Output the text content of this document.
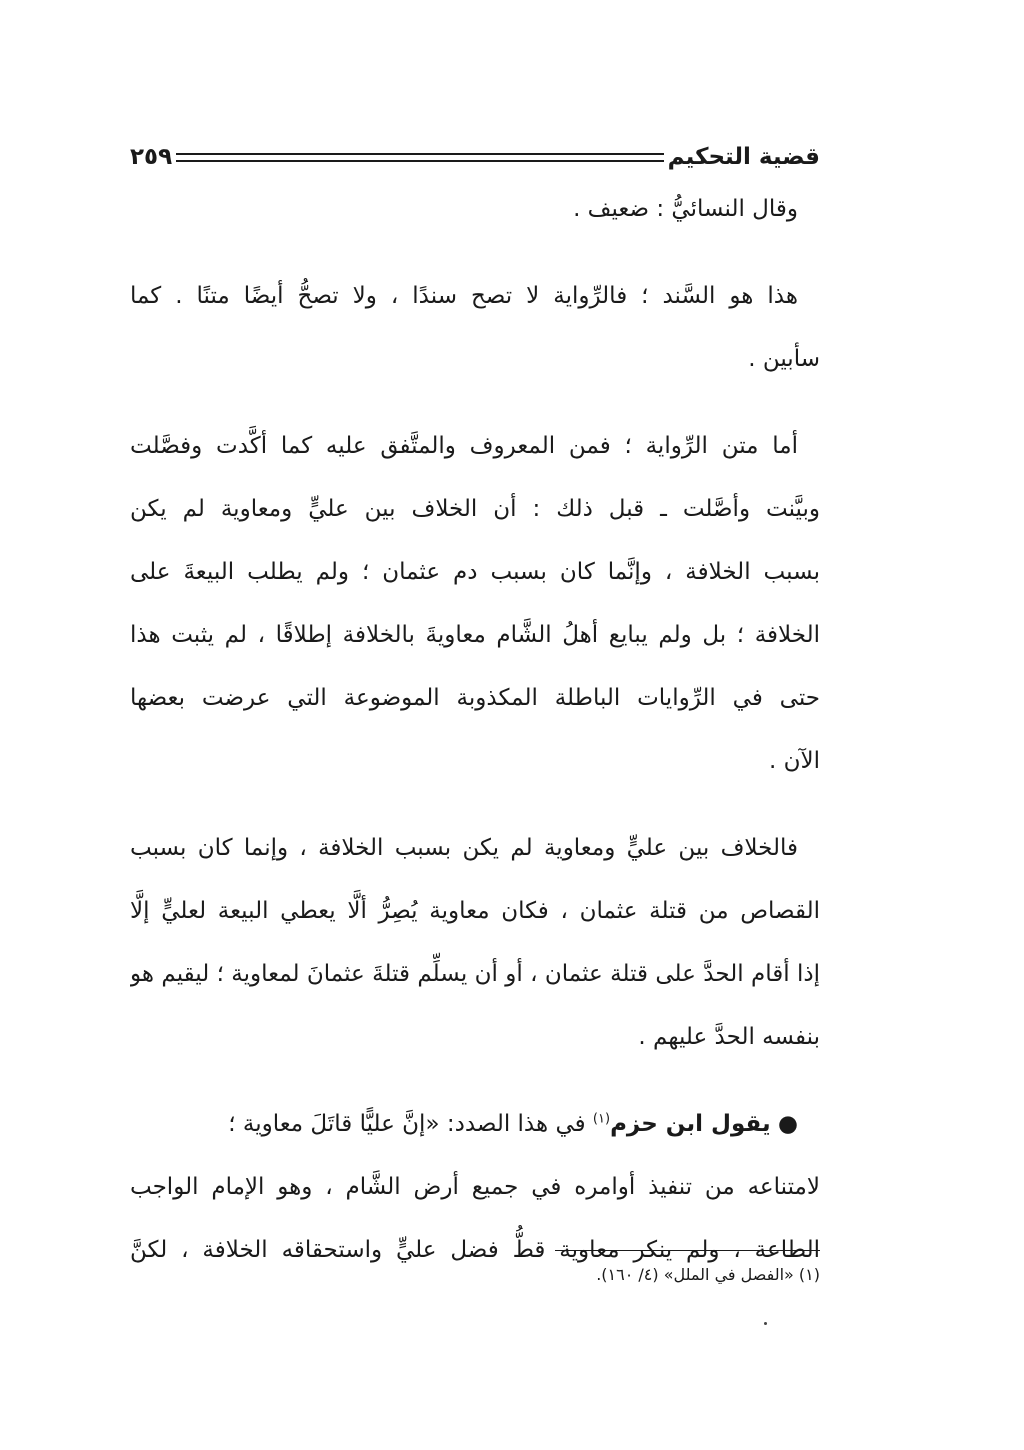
قضية التحكيم
٢٥٩
وقال النسائيُّ : ضعيف .
هذا هو السَّند ؛ فالرِّواية لا تصح سندًا ، ولا تصحُّ أيضًا متنًا . كما
سأبين .
أما متن الرِّواية ؛ فمن المعروف والمتَّفق عليه كما أكَّدت وفصَّلت
وبيَّنت وأصَّلت ـ قبل ذلك : أن الخلاف بين عليٍّ ومعاوية لم يكن
بسبب الخلافة ، وإنَّما كان بسبب دم عثمان ؛ ولم يطلب البيعةَ على
الخلافة ؛ بل ولم يبايع أهلُ الشَّام معاويةَ بالخلافة إطلاقًا ، لم يثبت هذا
حتى في الرِّوايات الباطلة المكذوبة الموضوعة التي عرضت بعضها
الآن .
فالخلاف بين عليٍّ ومعاوية لم يكن بسبب الخلافة ، وإنما كان بسبب
القصاص من قتلة عثمان ، فكان معاوية يُصِرُّ ألَّا يعطي البيعة لعليٍّ إلَّا
إذا أقام الحدَّ على قتلة عثمان ، أو أن يسلِّم قتلةَ عثمانَ لمعاوية ؛ ليقيم هو
بنفسه الحدَّ عليهم .
● يقول ابن حزم$^{(١)}$ في هذا الصدد: «إنَّ عليًّا قاتَلَ معاوية ؛
لامتناعه من تنفيذ أوامره في جميع أرض الشَّام ، وهو الإمام الواجب
الطاعة ، ولم ينكر معاوية قطُّ فضل عليٍّ واستحقاقه الخلافة ، لكنَّ
(١) «الفصل في الملل» (٤/ ١٦٠).
